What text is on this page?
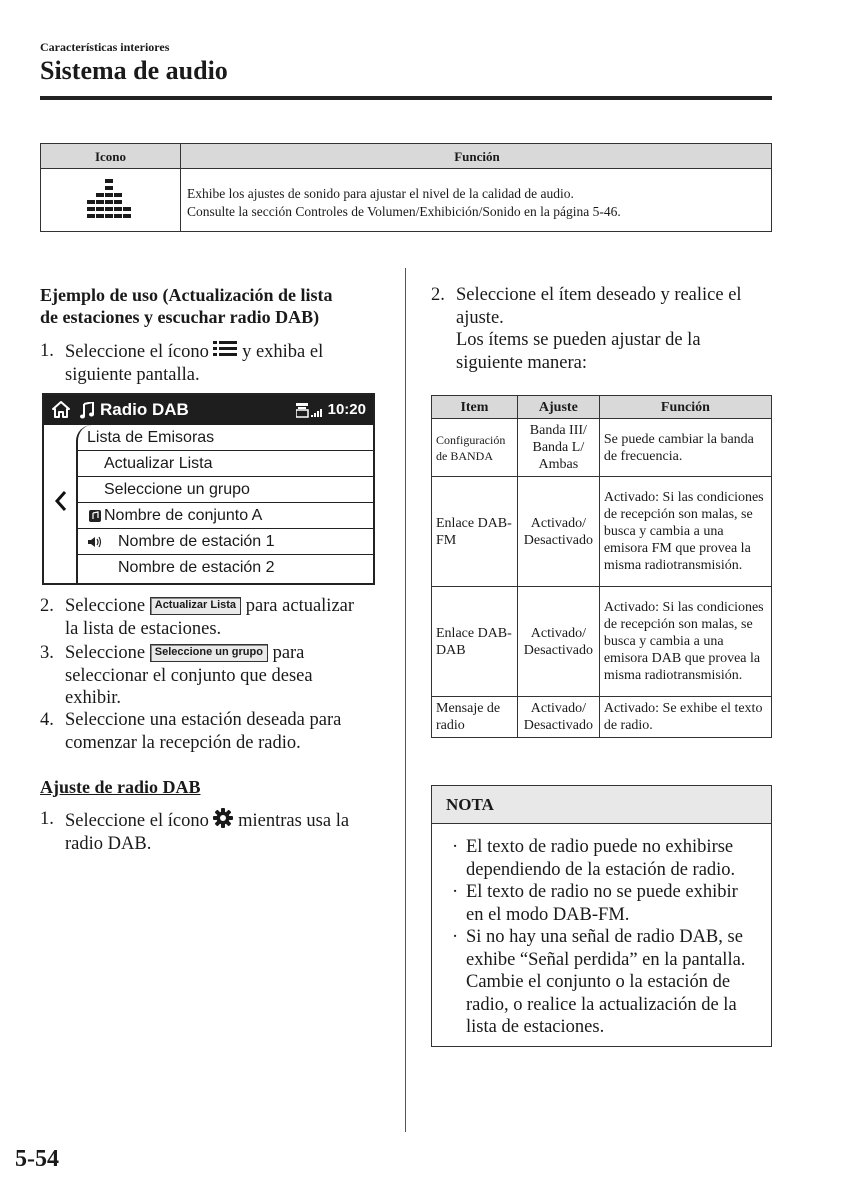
Características interiores
Sistema de audio
Icono	Función
Exhibe los ajustes de sonido para ajustar el nivel de la calidad de audio.
Consulte la sección Controles de Volumen/Exhibición/Sonido en la página 5-46.
Ejemplo de uso (Actualización de lista
de estaciones y escuchar radio DAB)
1. Seleccione el ícono y exhiba el
siguiente pantalla.
Radio DAB	10:20
Lista de Emisoras
Actualizar Lista
Seleccione un grupo
Nombre de conjunto A
Nombre de estación 1
Nombre de estación 2
2. Seleccione Actualizar Lista para actualizar
la lista de estaciones.
3. Seleccione Seleccione un grupo para
seleccionar el conjunto que desea
exhibir.
4. Seleccione una estación deseada para
comenzar la recepción de radio.
Ajuste de radio DAB
1. Seleccione el ícono mientras usa la
radio DAB.
2. Seleccione el ítem deseado y realice el
ajuste.
Los ítems se pueden ajustar de la
siguiente manera:
Item	Ajuste	Función
Configuración de BANDA	Banda III/ Banda L/ Ambas	Se puede cambiar la banda de frecuencia.
Enlace DAB-FM	Activado/ Desactivado	Activado: Si las condiciones de recepción son malas, se busca y cambia a una emisora FM que provea la misma radiotransmisión.
Enlace DAB-DAB	Activado/ Desactivado	Activado: Si las condiciones de recepción son malas, se busca y cambia a una emisora DAB que provea la misma radiotransmisión.
Mensaje de radio	Activado/ Desactivado	Activado: Se exhibe el texto de radio.
NOTA
· El texto de radio puede no exhibirse
dependiendo de la estación de radio.
· El texto de radio no se puede exhibir
en el modo DAB-FM.
· Si no hay una señal de radio DAB, se
exhibe “Señal perdida” en la pantalla.
Cambie el conjunto o la estación de
radio, o realice la actualización de la
lista de estaciones.
5-54
